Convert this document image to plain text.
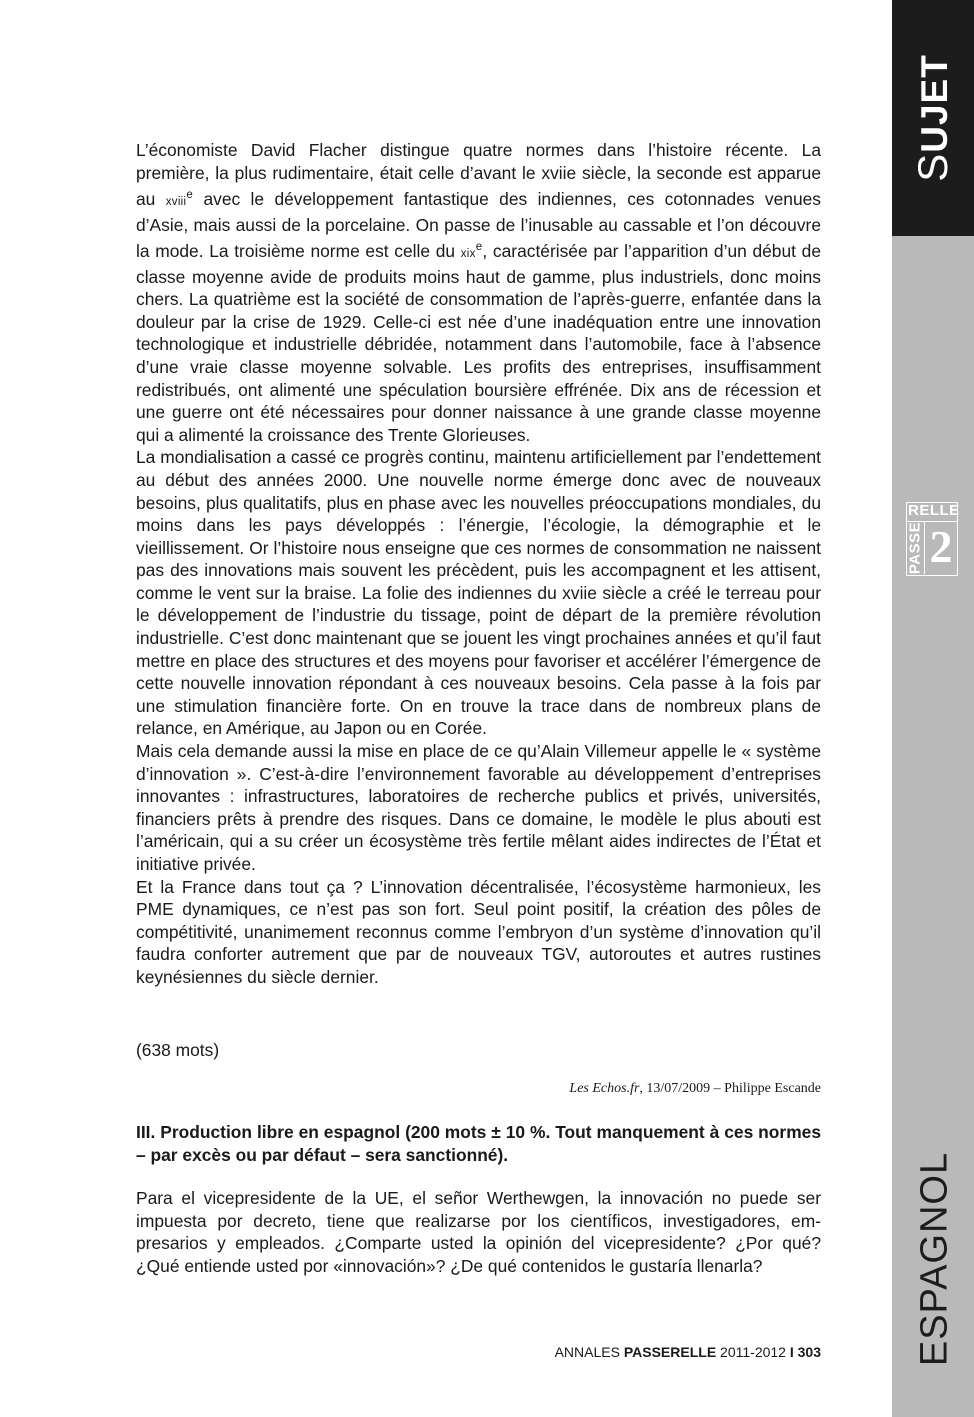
SUJET
RELLE
PASSE 2
ESPAGNOL

L’économiste David Flacher distingue quatre normes dans l’histoire récente. La première, la plus rudimentaire, était celle d’avant le xviie siècle, la seconde est apparue au xviii$^e$ avec le développement fantastique des indiennes, ces cotonnades venues d’Asie, mais aussi de la porcelaine. On passe de l’inusable au cassable et l’on découvre la mode. La troisième norme est celle du xix$^e$, caractérisée par l’apparition d’un début de classe moyenne avide de produits moins haut de gamme, plus industriels, donc moins chers. La quatrième est la société de consommation de l’après-guerre, enfantée dans la douleur par la crise de 1929. Celle-ci est née d’une inadéquation entre une innovation technologique et industrielle débridée, notamment dans l’automobile, face à l’absence d’une vraie classe moyenne solvable. Les profits des entreprises, insuffisamment redistribués, ont alimenté une spéculation boursière effrénée. Dix ans de récession et une guerre ont été nécessaires pour donner naissance à une grande classe moyenne qui a alimenté la croissance des Trente Glorieuses.

La mondialisation a cassé ce progrès continu, maintenu artificiellement par l’endettement au début des années 2000. Une nouvelle norme émerge donc avec de nouveaux besoins, plus qualitatifs, plus en phase avec les nouvelles préoccupations mondiales, du moins dans les pays développés : l’énergie, l’écologie, la démographie et le vieillissement. Or l’histoire nous enseigne que ces normes de consommation ne naissent pas des innovations mais souvent les précèdent, puis les accompagnent et les attisent, comme le vent sur la braise. La folie des indiennes du xviie siècle a créé le terreau pour le développement de l’industrie du tissage, point de départ de la première révolution industrielle. C’est donc maintenant que se jouent les vingt prochaines années et qu’il faut mettre en place des structures et des moyens pour favoriser et accélérer l’émergence de cette nouvelle innovation répondant à ces nouveaux besoins. Cela passe à la fois par une stimulation financière forte. On en trouve la trace dans de nombreux plans de relance, en Amérique, au Japon ou en Corée.

Mais cela demande aussi la mise en place de ce qu’Alain Villemeur appelle le « système d’innovation ». C’est-à-dire l’environnement favorable au développement d’entreprises innovantes : infrastructures, laboratoires de recherche publics et privés, universités, financiers prêts à prendre des risques. Dans ce domaine, le modèle le plus abouti est l’américain, qui a su créer un écosystème très fertile mêlant aides indirectes de l’État et initiative privée.

Et la France dans tout ça ? L’innovation décentralisée, l’écosystème harmonieux, les PME dynamiques, ce n’est pas son fort. Seul point positif, la création des pôles de compétitivité, unanimement reconnus comme l’embryon d’un système d’innovation qu’il faudra conforter autrement que par de nouveaux TGV, autoroutes et autres rustines keynésiennes du siècle dernier.

(638 mots)
Les Echos.fr, 13/07/2009 – Philippe Escande
III. Production libre en espagnol (200 mots ± 10 %. Tout manquement à ces normes – par excès ou par défaut – sera sanctionné).

Para el vicepresidente de la UE, el señor Werthewgen, la innovación no puede ser impuesta por decreto, tiene que realizarse por los científicos, investigadores, empresarios y empleados. ¿Comparte usted la opinión del vicepresidente? ¿Por qué? ¿Qué entiende usted por «innovación»? ¿De qué contenidos le gustaría llenarla?

ANNALES PASSERELLE 2011-2012 I 303
